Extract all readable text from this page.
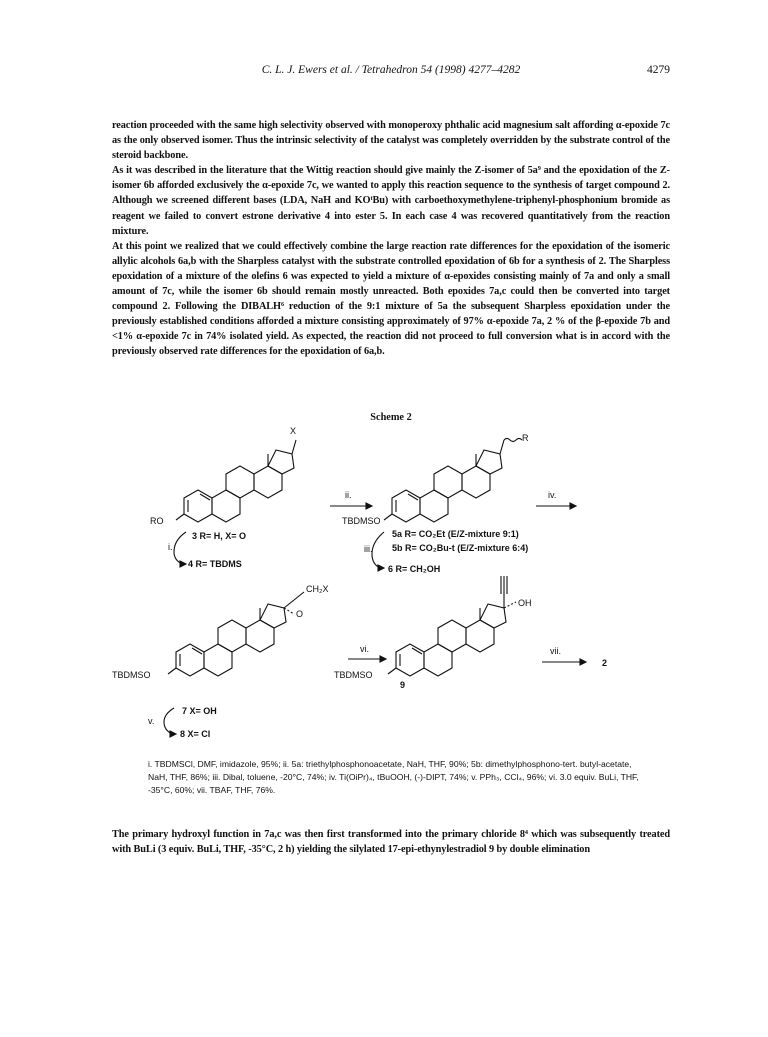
C. L. J. Ewers et al. / Tetrahedron 54 (1998) 4277–4282	4279

reaction proceeded with the same high selectivity observed with monoperoxy phthalic acid magnesium salt affording α-epoxide 7c as the only observed isomer. Thus the intrinsic selectivity of the catalyst was completely overridden by the substrate control of the steroid backbone.

As it was described in the literature that the Wittig reaction should give mainly the Z-isomer of 5a⁹ and the epoxidation of the Z-isomer 6b afforded exclusively the α-epoxide 7c, we wanted to apply this reaction sequence to the synthesis of target compound 2. Although we screened different bases (LDA, NaH and KOᵗBu) with carboethoxymethylene-triphenyl-phosphonium bromide as reagent we failed to convert estrone derivative 4 into ester 5. In each case 4 was recovered quantitatively from the reaction mixture.

At this point we realized that we could effectively combine the large reaction rate differences for the epoxidation of the isomeric allylic alcohols 6a,b with the Sharpless catalyst with the substrate controlled epoxidation of 6b for a synthesis of 2. The Sharpless epoxidation of a mixture of the olefins 6 was expected to yield a mixture of α-epoxides consisting mainly of 7a and only a small amount of 7c, while the isomer 6b should remain mostly unreacted. Both epoxides 7a,c could then be converted into target compound 2. Following the DIBALH⁶ reduction of the 9:1 mixture of 5a the subsequent Sharpless epoxidation under the previously established conditions afforded a mixture consisting approximately of 97% α-epoxide 7a, 2 % of the β-epoxide 7b and <1% α-epoxide 7c in 74% isolated yield. As expected, the reaction did not proceed to full conversion what is in accord with the previously observed rate differences for the epoxidation of 6a,b.

Scheme 2
X
R
RO	TBDMSO
ii.	iv.
i.
3 R= H, X= O
4 R= TBDMS
iii.
5a R= CO₂Et (E/Z-mixture 9:1)
5b R= CO₂Bu-t (E/Z-mixture 6:4)
6 R= CH₂OH
CH₂X
O
OH
vi.	vii.
2
TBDMSO	TBDMSO
9
v.
7 X= OH
8 X= Cl
i. TBDMSCl, DMF, imidazole, 95%; ii. 5a: triethylphosphonoacetate, NaH, THF, 90%; 5b: dimethylphosphono-tert. butyl-acetate, NaH, THF, 86%; iii. Dibal, toluene, -20°C, 74%; iv. Ti(OiPr)₄, tBuOOH, (-)-DIPT, 74%; v. PPh₃, CCl₄, 96%; vi. 3.0 equiv. BuLi, THF, -35°C, 60%; vii. TBAF, THF, 76%.

The primary hydroxyl function in 7a,c was then first transformed into the primary chloride 8⁴ which was subsequently treated with BuLi (3 equiv. BuLi, THF, -35°C, 2 h) yielding the silylated 17-epi-ethynylestradiol 9 by double elimination
